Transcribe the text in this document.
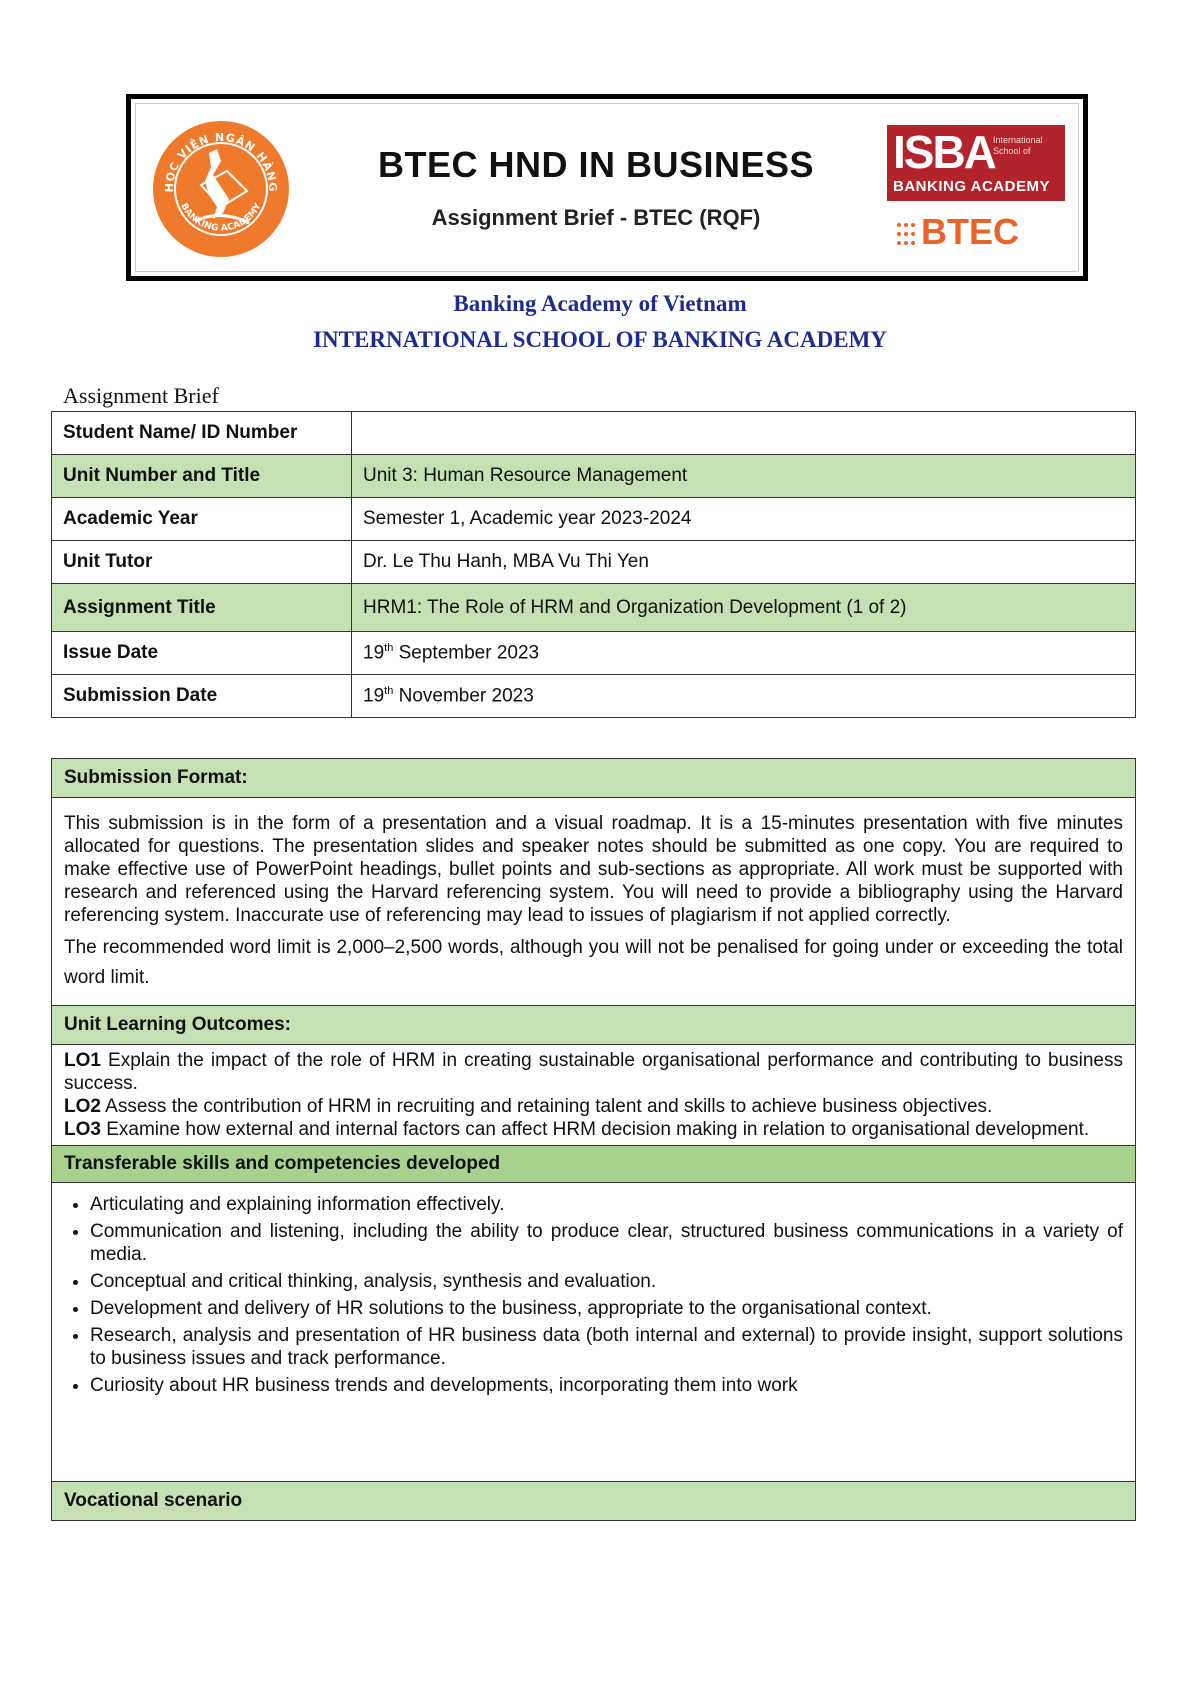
HỌC VIỆN NGÂN HÀNG
BANKING ACADEMY
BTEC HND IN BUSINESS
Assignment Brief - BTEC (RQF)
ISBA
International School of
BANKING ACADEMY
BTEC
Banking Academy of Vietnam
INTERNATIONAL SCHOOL OF BANKING ACADEMY
Assignment Brief
Student Name/ ID Number	
Unit Number and Title	Unit 3: Human Resource Management
Academic Year	Semester 1, Academic year 2023-2024
Unit Tutor	Dr. Le Thu Hanh, MBA Vu Thi Yen
Assignment Title	HRM1: The Role of HRM and Organization Development (1 of 2)
Issue Date	19th September 2023
Submission Date	19th November 2023
Submission Format:

This submission is in the form of a presentation and a visual roadmap. It is a 15-minutes presentation with five minutes allocated for questions. The presentation slides and speaker notes should be submitted as one copy. You are required to make effective use of PowerPoint headings, bullet points and sub-sections as appropriate. All work must be supported with research and referenced using the Harvard referencing system. You will need to provide a bibliography using the Harvard referencing system. Inaccurate use of referencing may lead to issues of plagiarism if not applied correctly.

The recommended word limit is 2,000–2,500 words, although you will not be penalised for going under or exceeding the total word limit.

Unit Learning Outcomes:

LO1 Explain the impact of the role of HRM in creating sustainable organisational performance and contributing to business success.

LO2 Assess the contribution of HRM in recruiting and retaining talent and skills to achieve business objectives.

LO3 Examine how external and internal factors can affect HRM decision making in relation to organisational development.

Transferable skills and competencies developed

• Articulating and explaining information effectively.
• Communication and listening, including the ability to produce clear, structured business communications in a variety of media.
• Conceptual and critical thinking, analysis, synthesis and evaluation.
• Development and delivery of HR solutions to the business, appropriate to the organisational context.
• Research, analysis and presentation of HR business data (both internal and external) to provide insight, support solutions to business issues and track performance.
• Curiosity about HR business trends and developments, incorporating them into work

Vocational scenario
